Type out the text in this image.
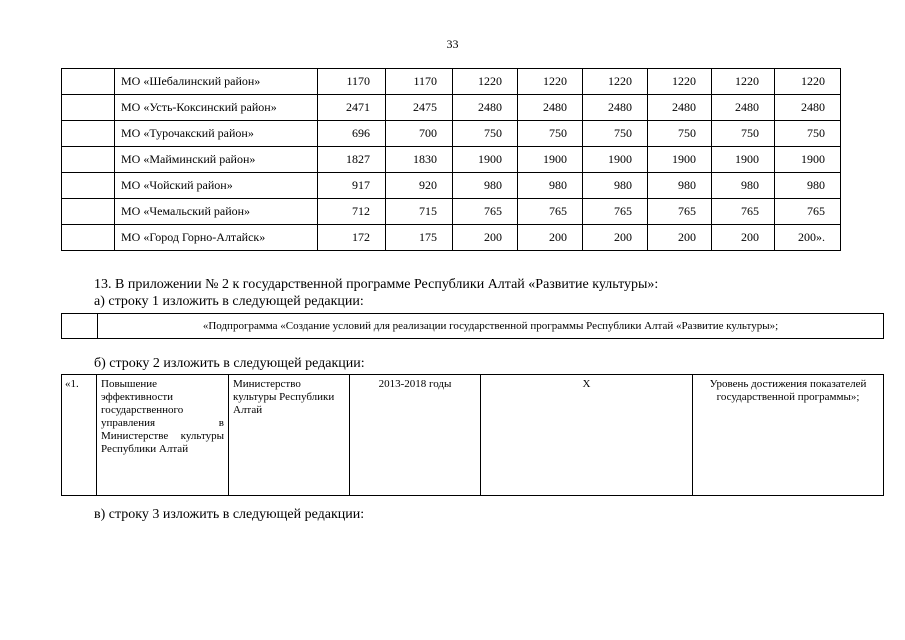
33
	МО «Шебалинский район»	1170	1170	1220	1220	1220	1220	1220	1220
	МО «Усть-Коксинский район»	2471	2475	2480	2480	2480	2480	2480	2480
	МО «Турочакский район»	696	700	750	750	750	750	750	750
	МО «Майминский район»	1827	1830	1900	1900	1900	1900	1900	1900
	МО «Чойский район»	917	920	980	980	980	980	980	980
	МО «Чемальский район»	712	715	765	765	765	765	765	765
	МО «Город Горно-Алтайск»	172	175	200	200	200	200	200	200».
13. В приложении № 2 к государственной программе Республики Алтай «Развитие культуры»:
а) строку 1 изложить в следующей редакции:
	«Подпрограмма «Создание условий для реализации государственной программы Республики Алтай «Развитие культуры»;
б) строку 2 изложить в следующей редакции:
«1.	Повышение эффективности государственного управления в Министерстве культуры Республики Алтай	Министерство культуры Республики Алтай	2013-2018 годы	Х	Уровень достижения показателей государственной программы»;
в) строку 3 изложить в следующей редакции:
